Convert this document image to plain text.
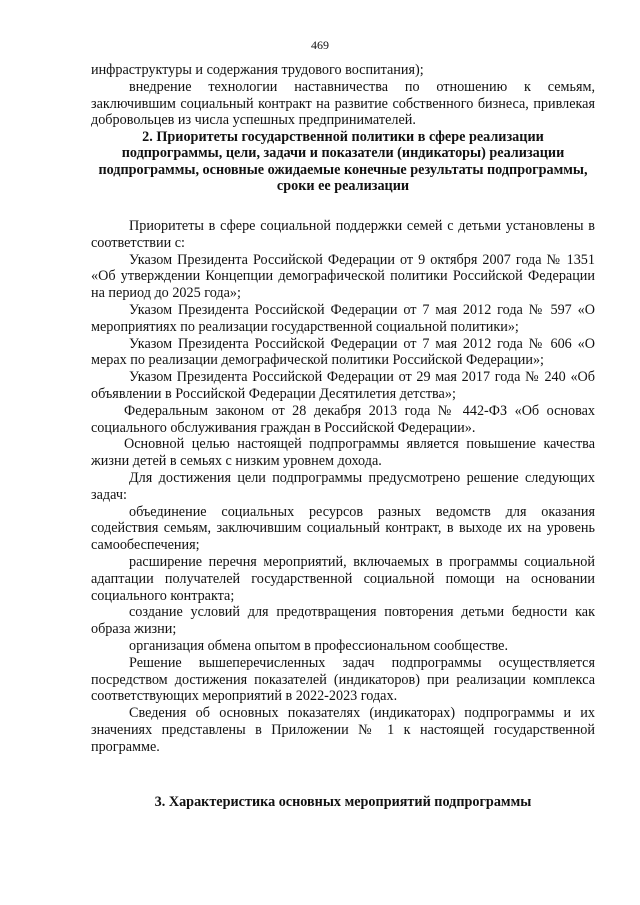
469

инфраструктуры и содержания трудового воспитания);

внедрение технологии наставничества по отношению к семьям, заключившим социальный контракт на развитие собственного бизнеса, привлекая добровольцев из числа успешных предпринимателей.

2. Приоритеты государственной политики в сфере реализации подпрограммы, цели, задачи и показатели (индикаторы) реализации подпрограммы, основные ожидаемые конечные результаты подпрограммы, сроки ее реализации

Приоритеты в сфере социальной поддержки семей с детьми установлены в соответствии с:

Указом Президента Российской Федерации от 9 октября 2007 года № 1351 «Об утверждении Концепции демографической политики Российской Федерации на период до 2025 года»;

Указом Президента Российской Федерации от 7 мая 2012 года № 597 «О мероприятиях по реализации государственной социальной политики»;

Указом Президента Российской Федерации от 7 мая 2012 года № 606 «О мерах по реализации демографической политики Российской Федерации»;

Указом Президента Российской Федерации от 29 мая 2017 года № 240 «Об объявлении в Российской Федерации Десятилетия детства»;

Федеральным законом от 28 декабря 2013 года № 442-ФЗ «Об основах социального обслуживания граждан в Российской Федерации».

Основной целью настоящей подпрограммы является повышение качества жизни детей в семьях с низким уровнем дохода.

Для достижения цели подпрограммы предусмотрено решение следующих задач:

объединение социальных ресурсов разных ведомств для оказания содействия семьям, заключившим социальный контракт, в выходе их на уровень самообеспечения;

расширение перечня мероприятий, включаемых в программы социальной адаптации получателей государственной социальной помощи на основании социального контракта;

создание условий для предотвращения повторения детьми бедности как образа жизни;

организация обмена опытом в профессиональном сообществе.

Решение вышеперечисленных задач подпрограммы осуществляется посредством достижения показателей (индикаторов) при реализации комплекса соответствующих мероприятий в 2022-2023 годах.

Сведения об основных показателях (индикаторах) подпрограммы и их значениях представлены в Приложении № 1 к настоящей государственной программе.

3. Характеристика основных мероприятий подпрограммы
